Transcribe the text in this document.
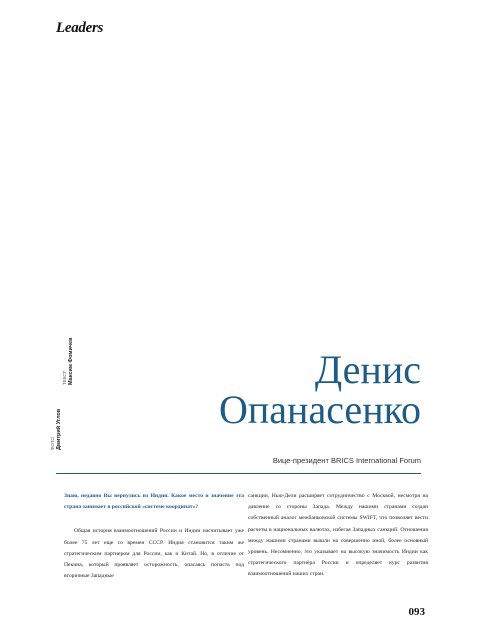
Leaders
ФОТО Дмитрий Углов
ТЕКСТ Максим Фомичев	Денис
Опанасенко
Вице-президент BRICS International Forum

Знаю, недавно Вы вернулись из Индии. Какое место и значение эта страна занимает в российской «системе координат»?

Общая история взаимоотношений России и Индии насчитывает уже более 75 лет еще со времен СССР. Индия становится таким же стратегическим партнером для России, как и Китай. Но, в отличие от Пекина, который проявляет осторожность, опасаясь попасть под вторичные Западные

санкции, Нью-Дели расширяет сотрудничество с Москвой, несмотря на давление со стороны Запада. Между нашими странами создан собственный аналог межбанковской системы SWIFT, что позволяет вести расчеты в национальных валютах, избегая Западных санкций. Отношения между нашими странами вышли на совершенно иной, более основный уровень. Несомненно, это указывает на высокую значимость Индии как стратегического партнёра России и определяет курс развития взаимоотношений наших стран.

093
